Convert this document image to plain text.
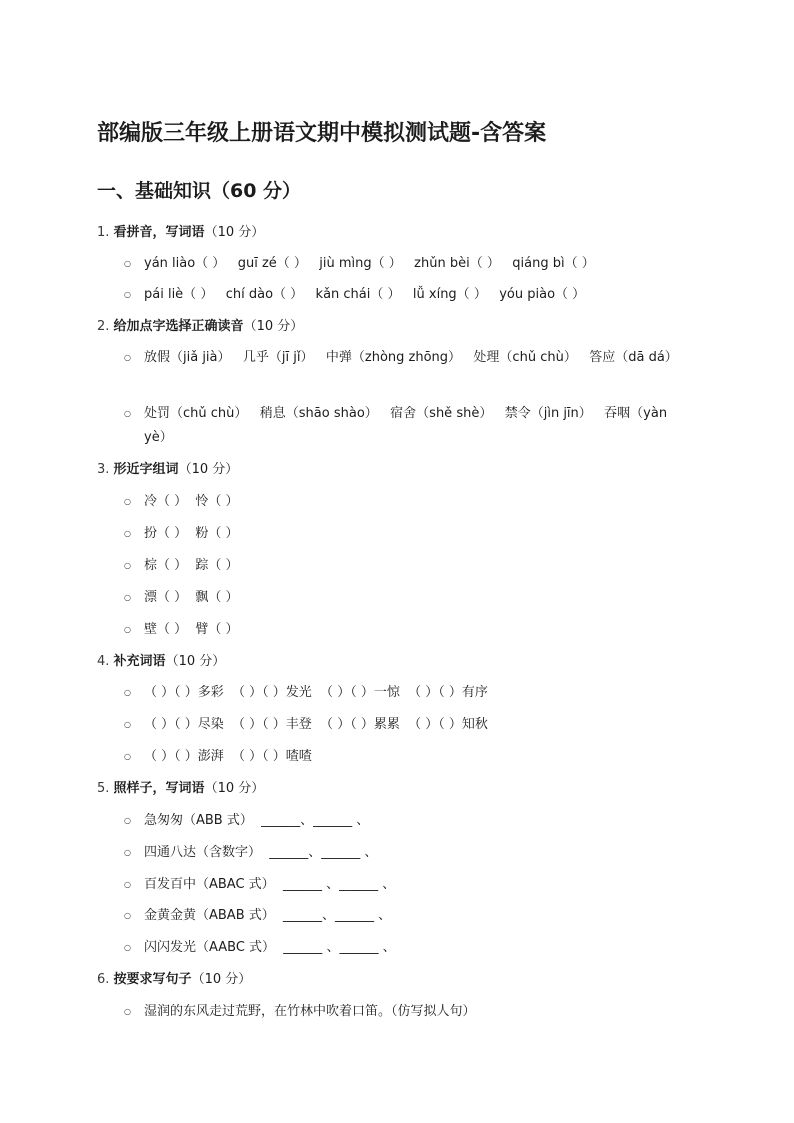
部编版三年级上册语文期中模拟测试题-含答案
一、基础知识（60 分）
1. 看拼音，写词语（10 分）
○ yán liào（ ）   guī zé（ ）   jiù mìng（ ）   zhǔn bèi（ ）   qiáng bì（ ）
○ pái liè（ ）   chí dào（ ）   kǎn chái（ ）   lǚ xíng（ ）   yóu piào（ ）
2. 给加点字选择正确读音（10 分）
○ 放假（jiǎ jià）   几乎（jī jǐ）   中弹（zhòng zhōng）   处理（chǔ chù）   答应（dā dá）
○ 处罚（chǔ chù）   稍息（shāo shào）   宿舍（shě shè）   禁令（jìn jīn）   吞咽（yàn yè）
3. 形近字组词（10 分）
○ 冷（ ）  怜（ ）
○ 扮（ ）  粉（ ）
○ 棕（ ）  踪（ ）
○ 漂（ ）  飘（ ）
○ 壁（ ）  臂（ ）
4. 补充词语（10 分）
○ （ ）（ ）多彩  （ ）（ ）发光  （ ）（ ）一惊  （ ）（ ）有序
○ （ ）（ ）尽染  （ ）（ ）丰登  （ ）（ ）累累  （ ）（ ）知秋
○ （ ）（ ）澎湃  （ ）（ ）喳喳
5. 照样子，写词语（10 分）
○ 急匆匆（ABB 式）  ______、______ 、
○ 四通八达（含数字）  ______、______ 、
○ 百发百中（ABAC 式）  ______ 、______ 、
○ 金黄金黄（ABAB 式）  ______、______ 、
○ 闪闪发光（AABC 式）  ______ 、______ 、
6. 按要求写句子（10 分）
○ 湿润的东风走过荒野，在竹林中吹着口笛。（仿写拟人句）
